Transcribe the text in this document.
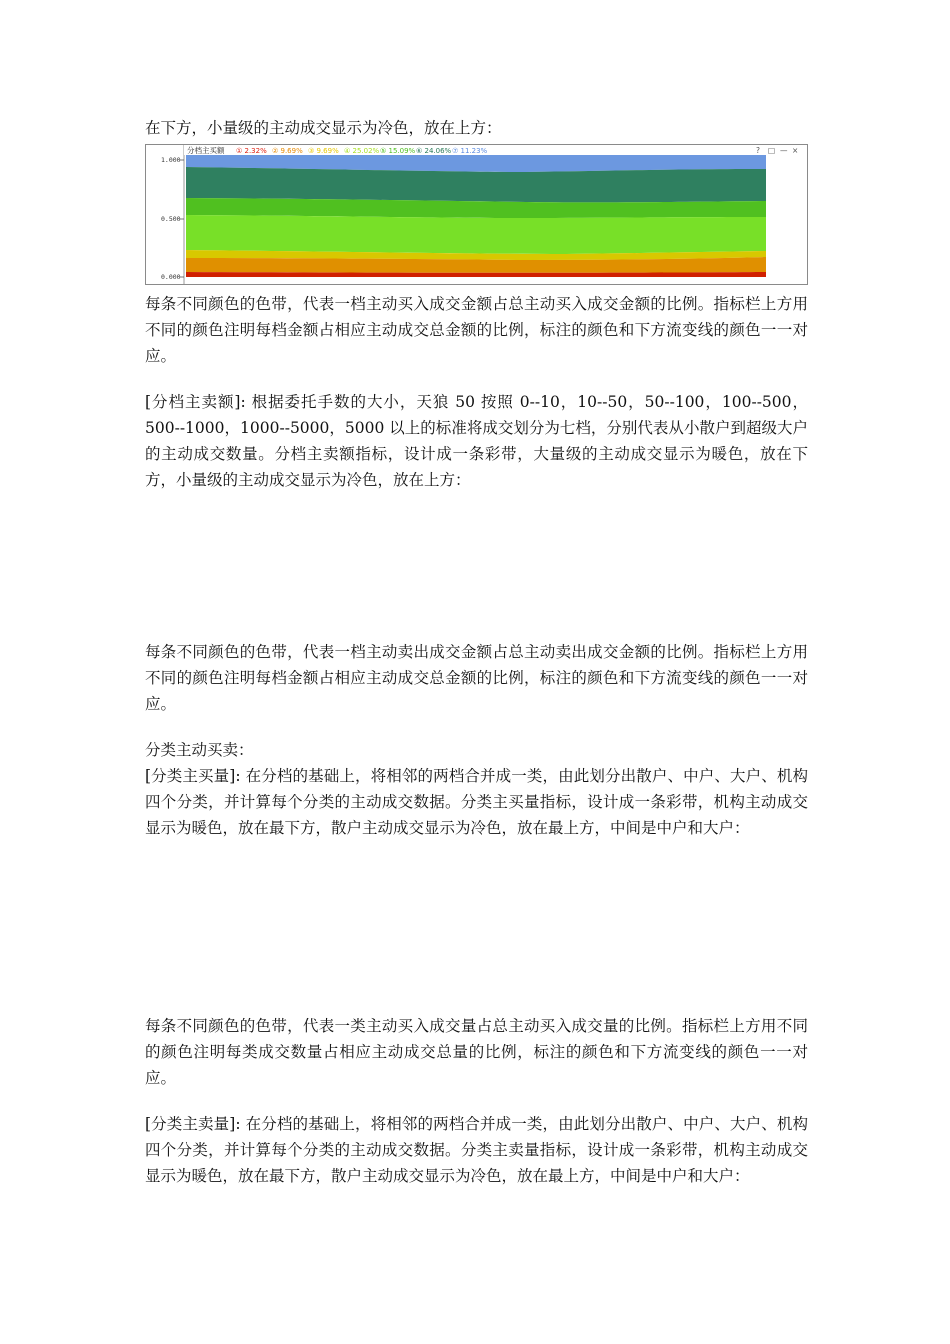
在下方，小量级的主动成交显示为冷色，放在上方：

分档主买额 ① 2.32% ② 9.69% ③ 9.69% ④ 25.02% ⑤ 15.09% ⑥ 24.06% ⑦ 11.23%	? □ — ×
1.000
0.500
0.000

每条不同颜色的色带，代表一档主动买入成交金额占总主动买入成交金额的比例。指标栏上方用不同的颜色注明每档金额占相应主动成交总金额的比例，标注的颜色和下方流变线的颜色一一对应。

[分档主卖额]: 根据委托手数的大小，天狼 50 按照 0--10，10--50，50--100，100--500，500--1000，1000--5000，5000 以上的标准将成交划分为七档，分别代表从小散户到超级大户的主动成交数量。分档主卖额指标，设计成一条彩带，大量级的主动成交显示为暖色，放在下方，小量级的主动成交显示为冷色，放在上方：

每条不同颜色的色带，代表一档主动卖出成交金额占总主动卖出成交金额的比例。指标栏上方用不同的颜色注明每档金额占相应主动成交总金额的比例，标注的颜色和下方流变线的颜色一一对应。

分类主动买卖：

[分类主买量]: 在分档的基础上，将相邻的两档合并成一类，由此划分出散户、中户、大户、机构四个分类，并计算每个分类的主动成交数据。分类主买量指标，设计成一条彩带，机构主动成交显示为暖色，放在最下方，散户主动成交显示为冷色，放在最上方，中间是中户和大户：

每条不同颜色的色带，代表一类主动买入成交量占总主动买入成交量的比例。指标栏上方用不同的颜色注明每类成交数量占相应主动成交总量的比例，标注的颜色和下方流变线的颜色一一对应。

[分类主卖量]: 在分档的基础上，将相邻的两档合并成一类，由此划分出散户、中户、大户、机构四个分类，并计算每个分类的主动成交数据。分类主卖量指标，设计成一条彩带，机构主动成交显示为暖色，放在最下方，散户主动成交显示为冷色，放在最上方，中间是中户和大户：
